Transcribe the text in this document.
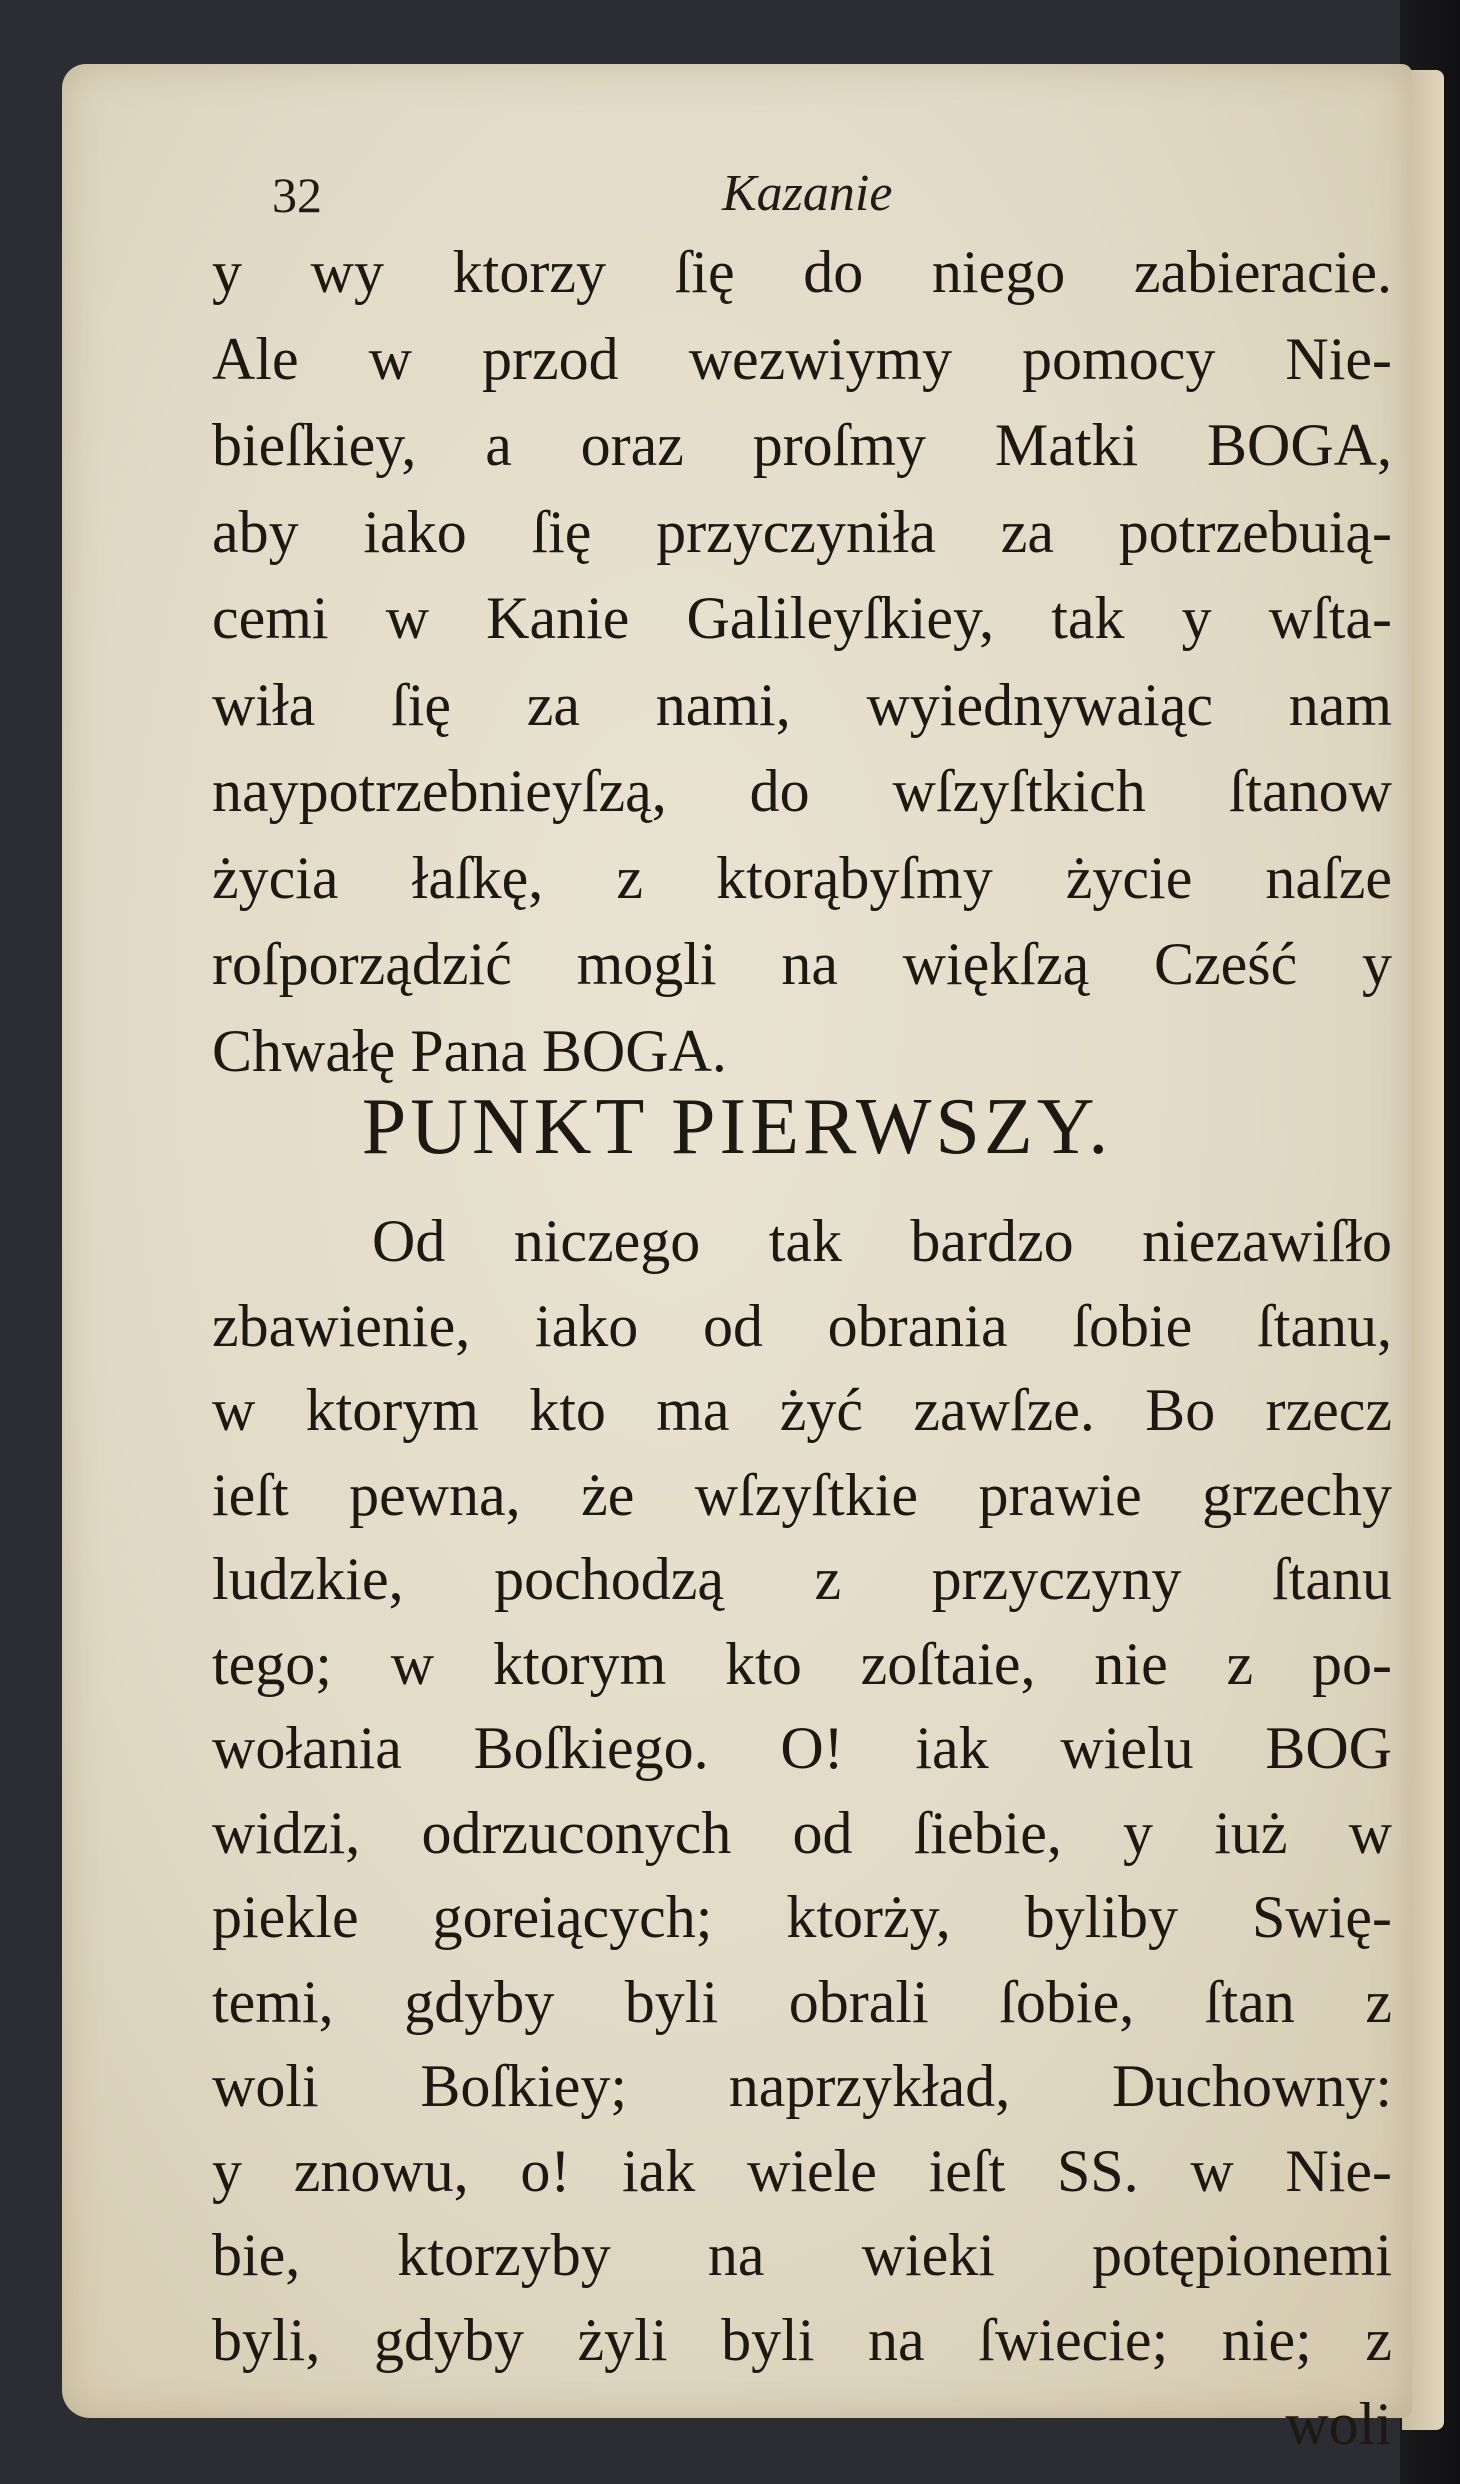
32	Kazanie
y wy ktorzy ſię do niego zabieracie.
Ale w przod wezwiymy pomocy Nie-
bieſkiey, a oraz proſmy Matki BOGA,
aby iako ſię przyczyniła za potrzebuią-
cemi w Kanie Galileyſkiey, tak y wſta-
wiła ſię za nami, wyiednywaiąc nam
naypotrzebnieyſzą, do wſzyſtkich ſtanow
życia łaſkę, z ktorąbyſmy życie naſze
roſporządzić mogli na więkſzą Cześć y
Chwałę Pana BOGA.
PUNKT PIERWSZY.
Od niczego tak bardzo niezawiſło
zbawienie, iako od obrania ſobie ſtanu,
w ktorym kto ma żyć zawſze. Bo rzecz
ieſt pewna, że wſzyſtkie prawie grzechy
ludzkie, pochodzą z przyczyny ſtanu
tego; w ktorym kto zoſtaie, nie z po-
wołania Boſkiego. O! iak wielu BOG
widzi, odrzuconych od ſiebie, y iuż w
piekle goreiących; ktorży, byliby Swię-
temi, gdyby byli obrali ſobie, ſtan z
woli Boſkiey; naprzykład, Duchowny:
y znowu, o! iak wiele ieſt SS. w Nie-
bie, ktorzyby na wieki potępionemi
byli, gdyby żyli byli na ſwiecie; nie; z
woli
